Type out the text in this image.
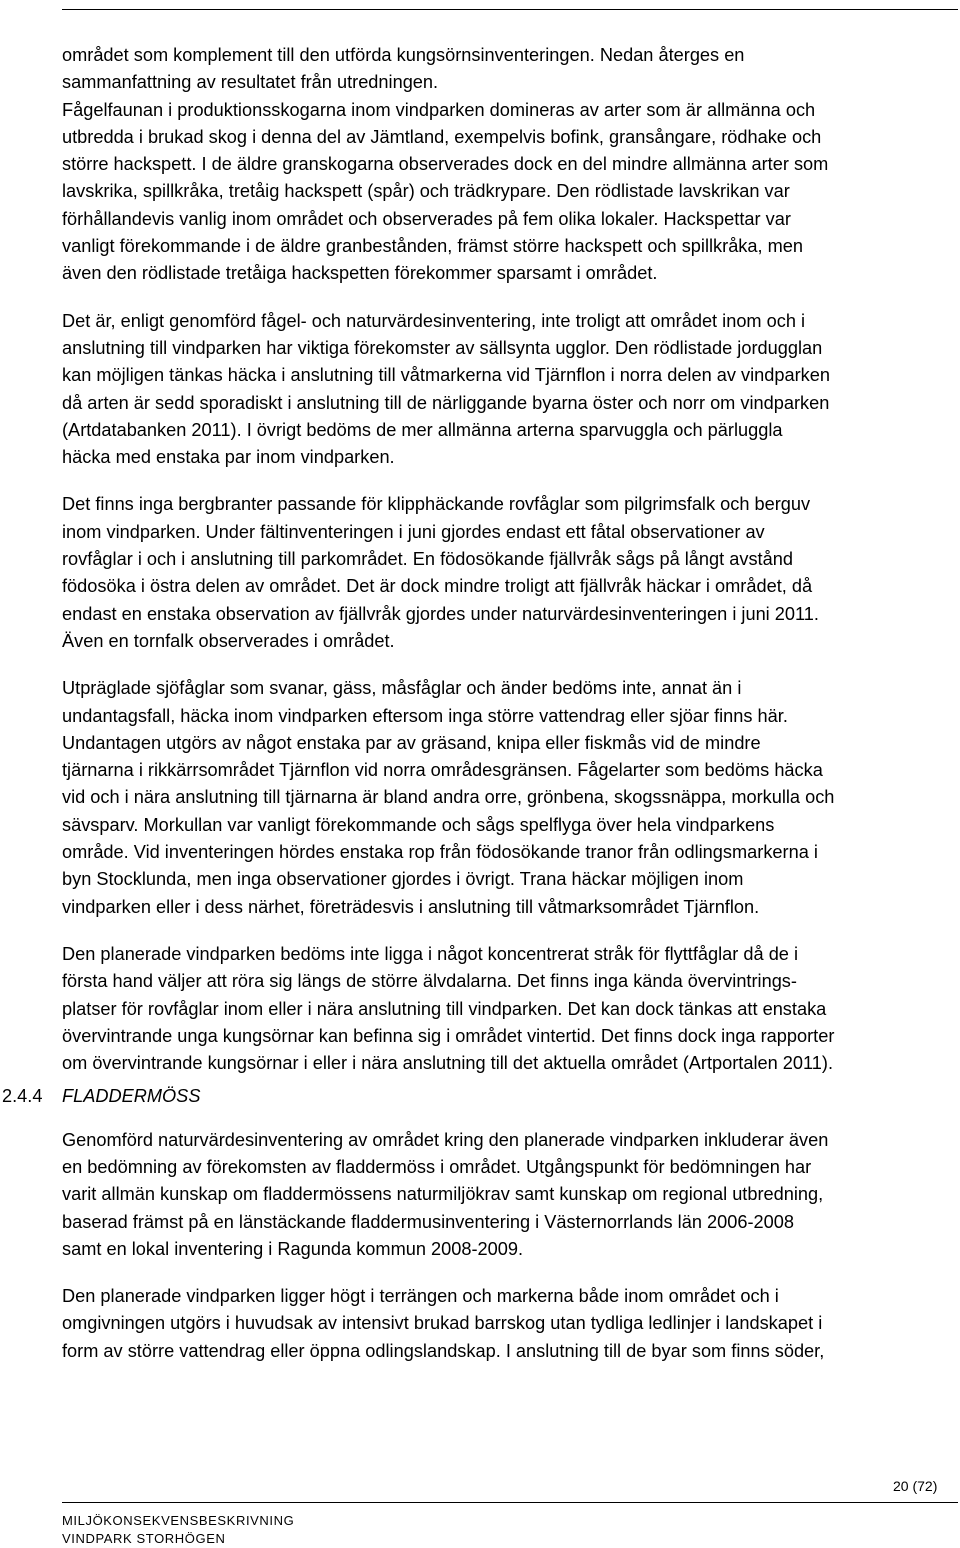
området som komplement till den utförda kungsörnsinventeringen. Nedan återges en
sammanfattning av resultatet från utredningen.

Fågelfaunan i produktionsskogarna inom vindparken domineras av arter som är allmänna och
utbredda i brukad skog i denna del av Jämtland, exempelvis bofink, gransångare, rödhake och
större hackspett. I de äldre granskogarna observerades dock en del mindre allmänna arter som
lavskrika, spillkråka, tretåig hackspett (spår) och trädkrypare. Den rödlistade lavskrikan var
förhållandevis vanlig inom området och observerades på fem olika lokaler. Hackspettar var
vanligt förekommande i de äldre granbestånden, främst större hackspett och spillkråka, men
även den rödlistade tretåiga hackspetten förekommer sparsamt i området.

Det är, enligt genomförd fågel- och naturvärdesinventering, inte troligt att området inom och i
anslutning till vindparken har viktiga förekomster av sällsynta ugglor. Den rödlistade jordugglan
kan möjligen tänkas häcka i anslutning till våtmarkerna vid Tjärnflon i norra delen av vindparken
då arten är sedd sporadiskt i anslutning till de närliggande byarna öster och norr om vindparken
(Artdatabanken 2011). I övrigt bedöms de mer allmänna arterna sparvuggla och pärluggla
häcka med enstaka par inom vindparken.

Det finns inga bergbranter passande för klipphäckande rovfåglar som pilgrimsfalk och berguv
inom vindparken. Under fältinventeringen i juni gjordes endast ett fåtal observationer av
rovfåglar i och i anslutning till parkområdet. En födosökande fjällvråk sågs på långt avstånd
födosöka i östra delen av området. Det är dock mindre troligt att fjällvråk häckar i området, då
endast en enstaka observation av fjällvråk gjordes under naturvärdesinventeringen i juni 2011.
Även en tornfalk observerades i området.

Utpräglade sjöfåglar som svanar, gäss, måsfåglar och änder bedöms inte, annat än i
undantagsfall, häcka inom vindparken eftersom inga större vattendrag eller sjöar finns här.
Undantagen utgörs av något enstaka par av gräsand, knipa eller fiskmås vid de mindre
tjärnarna i rikkärrsområdet Tjärnflon vid norra områdesgränsen. Fågelarter som bedöms häcka
vid och i nära anslutning till tjärnarna är bland andra orre, grönbena, skogssnäppa, morkulla och
sävsparv. Morkullan var vanligt förekommande och sågs spelflyga över hela vindparkens
område. Vid inventeringen hördes enstaka rop från födosökande tranor från odlingsmarkerna i
byn Stocklunda, men inga observationer gjordes i övrigt. Trana häckar möjligen inom
vindparken eller i dess närhet, företrädesvis i anslutning till våtmarksområdet Tjärnflon.

Den planerade vindparken bedöms inte ligga i något koncentrerat stråk för flyttfåglar då de i
första hand väljer att röra sig längs de större älvdalarna. Det finns inga kända övervintrings-
platser för rovfåglar inom eller i nära anslutning till vindparken. Det kan dock tänkas att enstaka
övervintrande unga kungsörnar kan befinna sig i området vintertid. Det finns dock inga rapporter
om övervintrande kungsörnar i eller i nära anslutning till det aktuella området (Artportalen 2011).

2.4.4 FLADDERMÖSS

Genomförd naturvärdesinventering av området kring den planerade vindparken inkluderar även
en bedömning av förekomsten av fladdermöss i området. Utgångspunkt för bedömningen har
varit allmän kunskap om fladdermössens naturmiljökrav samt kunskap om regional utbredning,
baserad främst på en länstäckande fladdermusinventering i Västernorrlands län 2006-2008
samt en lokal inventering i Ragunda kommun 2008-2009.

Den planerade vindparken ligger högt i terrängen och markerna både inom området och i
omgivningen utgörs i huvudsak av intensivt brukad barrskog utan tydliga ledlinjer i landskapet i
form av större vattendrag eller öppna odlingslandskap. I anslutning till de byar som finns söder,

20 (72)
MILJÖKONSEKVENSBESKRIVNING
VINDPARK STORHÖGEN
